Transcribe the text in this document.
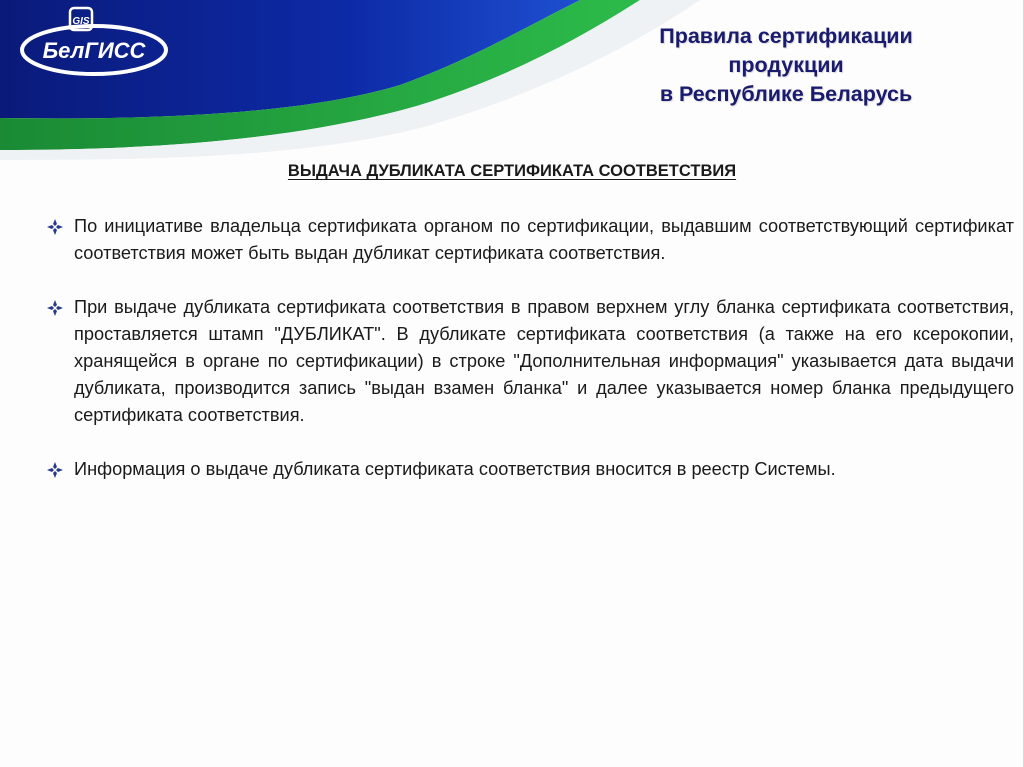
GIS
БелГИСС
Правила сертификации
продукции
в Республике Беларусь
ВЫДАЧА ДУБЛИКАТА СЕРТИФИКАТА СООТВЕТСТВИЯ
По инициативе владельца сертификата органом по сертификации, выдавшим соответствующий сертификат соответствия может быть выдан дубликат сертификата соответствия.
При выдаче дубликата сертификата соответствия в правом верхнем углу бланка сертификата соответствия, проставляется штамп "ДУБЛИКАТ". В дубликате сертификата соответствия (а также на его ксерокопии, хранящейся в органе по сертификации) в строке "Дополнительная информация" указывается дата выдачи дубликата, производится запись "выдан взамен бланка" и далее указывается номер бланка предыдущего сертификата соответствия.
Информация о выдаче дубликата сертификата соответствия вносится в реестр Системы.
